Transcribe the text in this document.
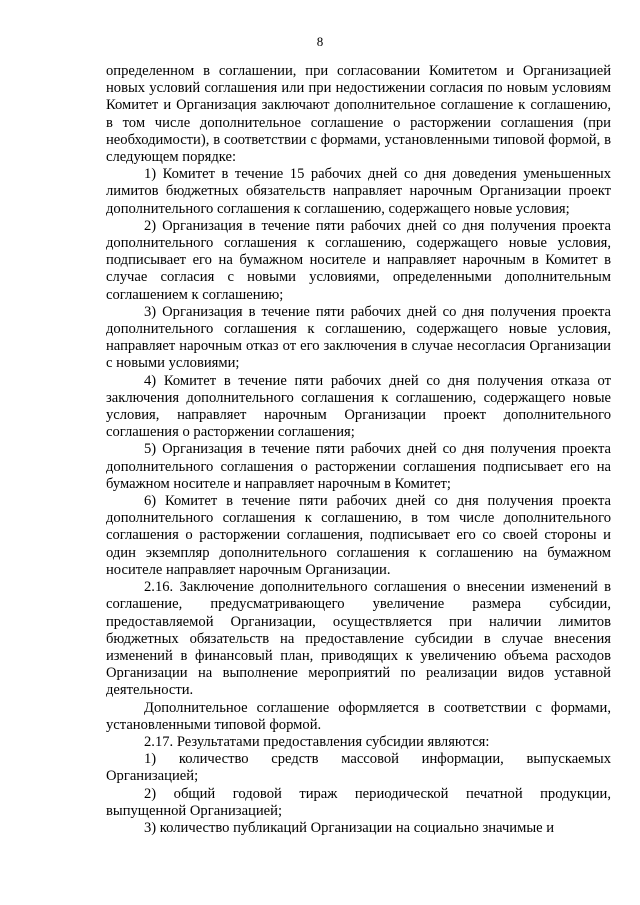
8

определенном в соглашении, при согласовании Комитетом и Организацией новых условий соглашения или при недостижении согласия по новым условиям Комитет и Организация заключают дополнительное соглашение к соглашению, в том числе дополнительное соглашение о расторжении соглашения (при необходимости), в соответствии с формами, установленными типовой формой, в следующем порядке:

1) Комитет в течение 15 рабочих дней со дня доведения уменьшенных лимитов бюджетных обязательств направляет нарочным Организации проект дополнительного соглашения к соглашению, содержащего новые условия;

2) Организация в течение пяти рабочих дней со дня получения проекта дополнительного соглашения к соглашению, содержащего новые условия, подписывает его на бумажном носителе и направляет нарочным в Комитет в случае согласия с новыми условиями, определенными дополнительным соглашением к соглашению;

3) Организация в течение пяти рабочих дней со дня получения проекта дополнительного соглашения к соглашению, содержащего новые условия, направляет нарочным отказ от его заключения в случае несогласия Организации с новыми условиями;

4) Комитет в течение пяти рабочих дней со дня получения отказа от заключения дополнительного соглашения к соглашению, содержащего новые условия, направляет нарочным Организации проект дополнительного соглашения о расторжении соглашения;

5) Организация в течение пяти рабочих дней со дня получения проекта дополнительного соглашения о расторжении соглашения подписывает его на бумажном носителе и направляет нарочным в Комитет;

6) Комитет в течение пяти рабочих дней со дня получения проекта дополнительного соглашения к соглашению, в том числе дополнительного соглашения о расторжении соглашения, подписывает его со своей стороны и один экземпляр дополнительного соглашения к соглашению на бумажном носителе направляет нарочным Организации.

2.16. Заключение дополнительного соглашения о внесении изменений в соглашение, предусматривающего увеличение размера субсидии, предоставляемой Организации, осуществляется при наличии лимитов бюджетных обязательств на предоставление субсидии в случае внесения изменений в финансовый план, приводящих к увеличению объема расходов Организации на выполнение мероприятий по реализации видов уставной деятельности.

Дополнительное соглашение оформляется в соответствии с формами, установленными типовой формой.

2.17. Результатами предоставления субсидии являются:

1) количество средств массовой информации, выпускаемых Организацией;

2) общий годовой тираж периодической печатной продукции, выпущенной Организацией;

3) количество публикаций Организации на социально значимые и
